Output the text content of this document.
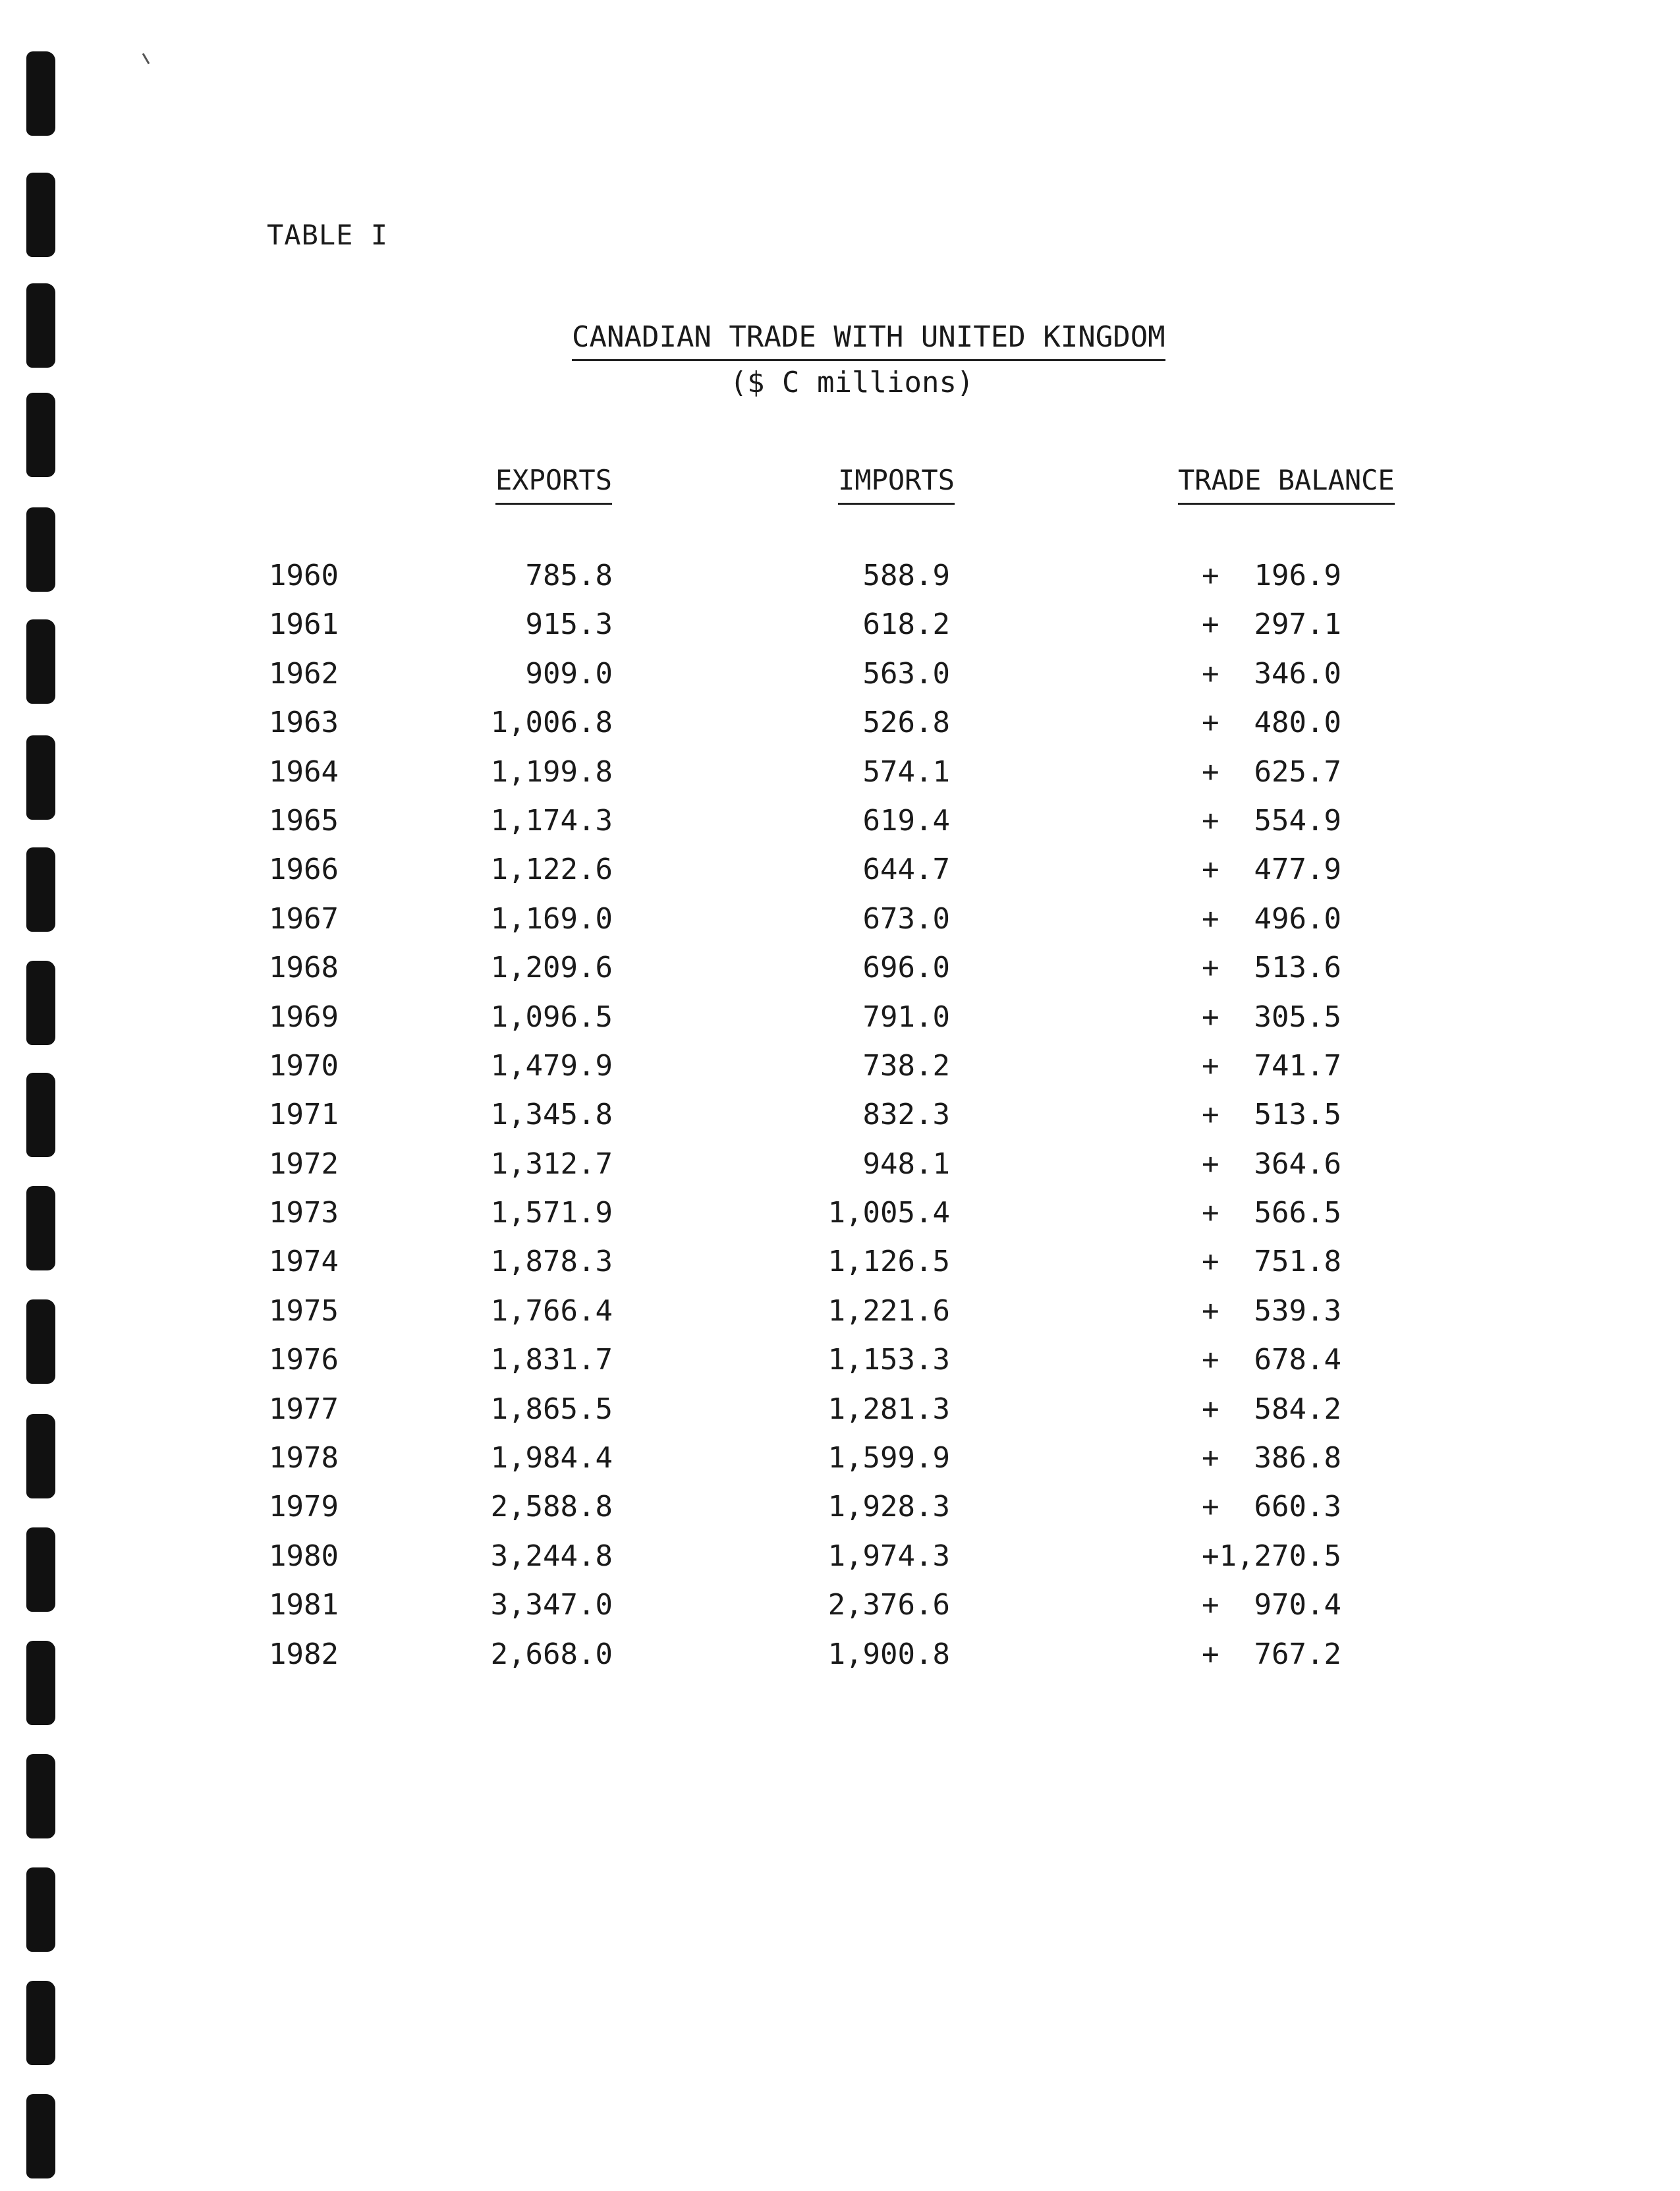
TABLE I
CANADIAN TRADE WITH UNITED KINGDOM
($ C millions)
EXPORTS	IMPORTS	TRADE BALANCE
1960	785.8	588.9	+  196.9
1961	915.3	618.2	+  297.1
1962	909.0	563.0	+  346.0
1963	1,006.8	526.8	+  480.0
1964	1,199.8	574.1	+  625.7
1965	1,174.3	619.4	+  554.9
1966	1,122.6	644.7	+  477.9
1967	1,169.0	673.0	+  496.0
1968	1,209.6	696.0	+  513.6
1969	1,096.5	791.0	+  305.5
1970	1,479.9	738.2	+  741.7
1971	1,345.8	832.3	+  513.5
1972	1,312.7	948.1	+  364.6
1973	1,571.9	1,005.4	+  566.5
1974	1,878.3	1,126.5	+  751.8
1975	1,766.4	1,221.6	+  539.3
1976	1,831.7	1,153.3	+  678.4
1977	1,865.5	1,281.3	+  584.2
1978	1,984.4	1,599.9	+  386.8
1979	2,588.8	1,928.3	+  660.3
1980	3,244.8	1,974.3	+1,270.5
1981	3,347.0	2,376.6	+  970.4
1982	2,668.0	1,900.8	+  767.2
